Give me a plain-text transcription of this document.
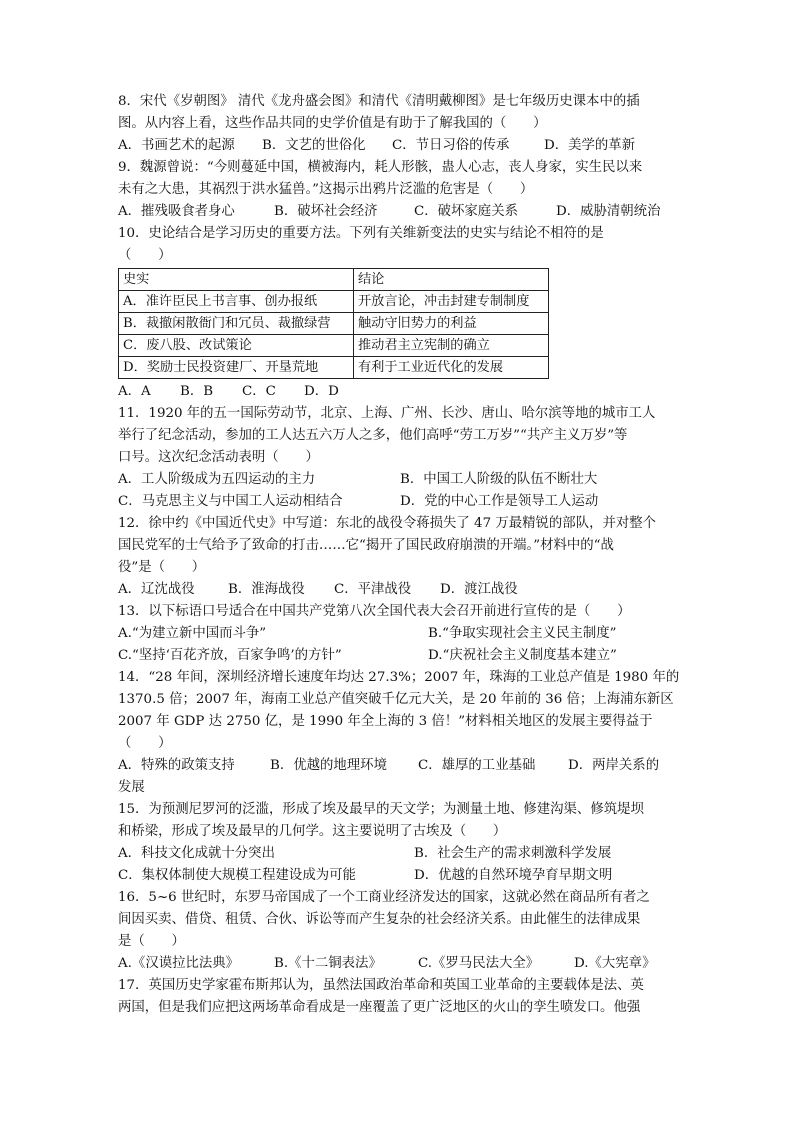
8．宋代《岁朝图》 清代《龙舟盛会图》和清代《清明戴柳图》是七年级历史课本中的插
图。从内容上看，这些作品共同的史学价值是有助于了解我国的（　　）
A．书画艺术的起源 B．文艺的世俗化 C．节日习俗的传承	D．美学的革新
9．魏源曾说：“今则蔓延中国，横被海内，耗人形骸，蛊人心志，丧人身家，实生民以来
未有之大患，其祸烈于洪水猛兽。”这揭示出鸦片泛滥的危害是（　　）
A．摧残吸食者身心	B．破坏社会经济	C．破坏家庭关系	D．威胁清朝统治
10．史论结合是学习历史的重要方法。下列有关维新变法的史实与结论不相符的是
（　　）
史实	结论
A．准许臣民上书言事、创办报纸	开放言论，冲击封建专制制度
B．裁撤闲散衙门和冗员、裁撤绿营	触动守旧势力的利益
C．废八股、改试策论	推动君主立宪制的确立
D．奖励士民投资建厂、开垦荒地	有利于工业近代化的发展
A．A B．B C．C D．D
11．1920 年的五一国际劳动节，北京、上海、广州、长沙、唐山、哈尔滨等地的城市工人
举行了纪念活动，参加的工人达五六万人之多，他们高呼“劳工万岁”“共产主义万岁”等
口号。这次纪念活动表明（　　）
A．工人阶级成为五四运动的主力	B．中国工人阶级的队伍不断壮大
C．马克思主义与中国工人运动相结合	D．党的中心工作是领导工人运动
12．徐中约《中国近代史》中写道：东北的战役令蒋损失了 47 万最精锐的部队，并对整个
国民党军的士气给予了致命的打击……它“揭开了国民政府崩溃的开端。”材料中的“战
役”是（　　）
A．辽沈战役 B．淮海战役 C．平津战役 D．渡江战役
13．以下标语口号适合在中国共产党第八次全国代表大会召开前进行宣传的是（　　）
A.“为建立新中国而斗争”	B.“争取实现社会主义民主制度”
C.“坚持‘百花齐放，百家争鸣’的方针”	D.“庆祝社会主义制度基本建立”
14．“28 年间，深圳经济增长速度年均达 27.3%；2007 年，珠海的工业总产值是 1980 年的
1370.5 倍；2007 年，海南工业总产值突破千亿元大关，是 20 年前的 36 倍；上海浦东新区
2007 年 GDP 达 2750 亿，是 1990 年全上海的 3 倍！”材料相关地区的发展主要得益于
（　　）
A．特殊的政策支持	B．优越的地理环境 C．雄厚的工业基础 D．两岸关系的
发展
15．为预测尼罗河的泛滥，形成了埃及最早的天文学；为测量土地、修建沟渠、修筑堤坝
和桥梁，形成了埃及最早的几何学。这主要说明了古埃及（　　）
A．科技文化成就十分突出	B．社会生产的需求刺激科学发展
C．集权体制使大规模工程建设成为可能	D．优越的自然环境孕育早期文明
16．5~6 世纪时，东罗马帝国成了一个工商业经济发达的国家，这就必然在商品所有者之
间因买卖、借贷、租赁、合伙、诉讼等而产生复杂的社会经济关系。由此催生的法律成果
是（　　）
A.《汉谟拉比法典》	B.《十二铜表法》	C.《罗马民法大全》	D.《大宪章》
17．英国历史学家霍布斯邦认为，虽然法国政治革命和英国工业革命的主要载体是法、英
两国，但是我们应把这两场革命看成是一座覆盖了更广泛地区的火山的孪生喷发口。他强
